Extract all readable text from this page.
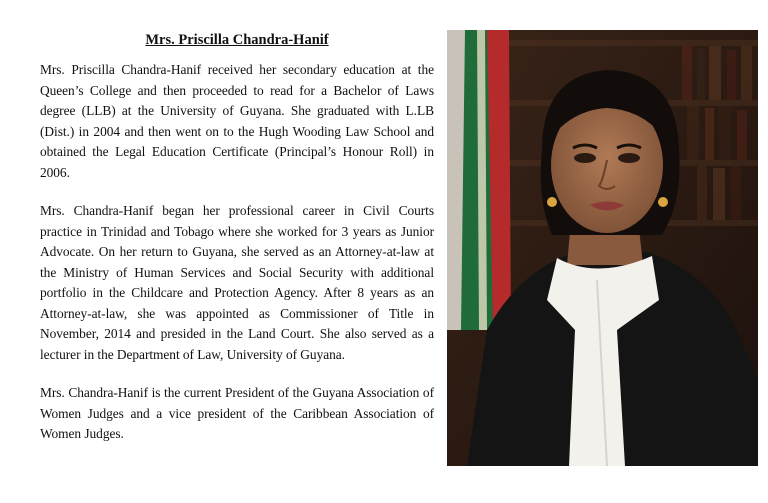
Mrs. Priscilla Chandra-Hanif

Mrs. Priscilla Chandra-Hanif received her secondary education at the Queen’s College and then proceeded to read for a Bachelor of Laws degree (LLB) at the University of Guyana. She graduated with L.LB (Dist.) in 2004 and then went on to the Hugh Wooding Law School and obtained the Legal Education Certificate (Principal’s Honour Roll) in 2006.

Mrs. Chandra-Hanif began her professional career in Civil Courts practice in Trinidad and Tobago where she worked for 3 years as Junior Advocate. On her return to Guyana, she served as an Attorney-at-law at the Ministry of Human Services and Social Security with additional portfolio in the Childcare and Protection Agency. After 8 years as an Attorney-at-law, she was appointed as Commissioner of Title in November, 2014 and presided in the Land Court. She also served as a lecturer in the Department of Law, University of Guyana.

Mrs. Chandra-Hanif is the current President of the Guyana Association of Women Judges and a vice president of the Caribbean Association of Women Judges.
